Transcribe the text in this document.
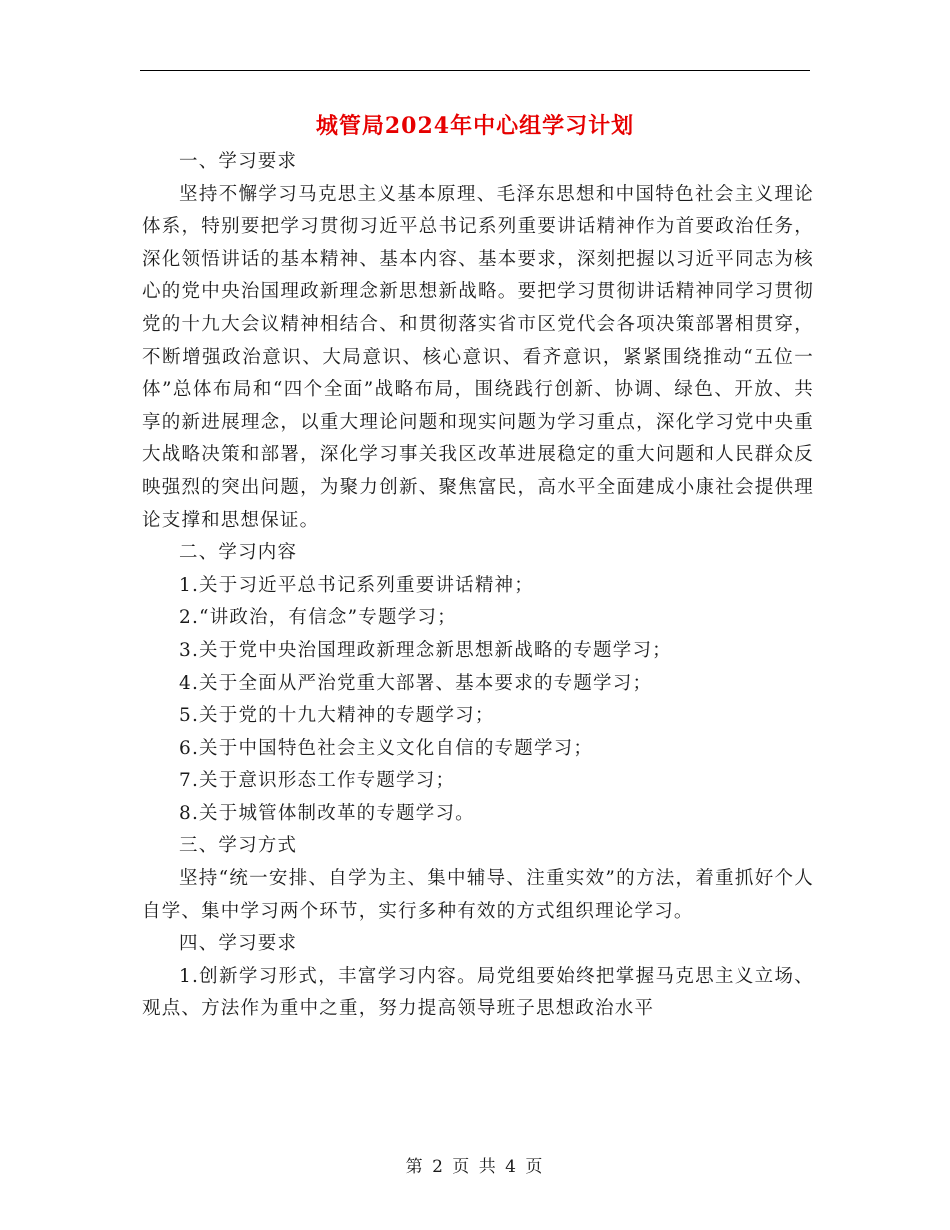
城管局2024年中心组学习计划

一、学习要求

坚持不懈学习马克思主义基本原理、毛泽东思想和中国特色社会主义理论体系，特别要把学习贯彻习近平总书记系列重要讲话精神作为首要政治任务，深化领悟讲话的基本精神、基本内容、基本要求，深刻把握以习近平同志为核心的党中央治国理政新理念新思想新战略。要把学习贯彻讲话精神同学习贯彻党的十九大会议精神相结合、和贯彻落实省市区党代会各项决策部署相贯穿，不断增强政治意识、大局意识、核心意识、看齐意识，紧紧围绕推动“五位一体”总体布局和“四个全面”战略布局，围绕践行创新、协调、绿色、开放、共享的新进展理念，以重大理论问题和现实问题为学习重点，深化学习党中央重大战略决策和部署，深化学习事关我区改革进展稳定的重大问题和人民群众反映强烈的突出问题，为聚力创新、聚焦富民，高水平全面建成小康社会提供理论支撑和思想保证。

二、学习内容

1.关于习近平总书记系列重要讲话精神；

2.“讲政治，有信念”专题学习；

3.关于党中央治国理政新理念新思想新战略的专题学习；

4.关于全面从严治党重大部署、基本要求的专题学习；

5.关于党的十九大精神的专题学习；

6.关于中国特色社会主义文化自信的专题学习；

7.关于意识形态工作专题学习；

8.关于城管体制改革的专题学习。

三、学习方式

坚持“统一安排、自学为主、集中辅导、注重实效”的方法，着重抓好个人自学、集中学习两个环节，实行多种有效的方式组织理论学习。

四、学习要求

1.创新学习形式，丰富学习内容。局党组要始终把掌握马克思主义立场、观点、方法作为重中之重，努力提高领导班子思想政治水平

第 2 页 共 4 页
